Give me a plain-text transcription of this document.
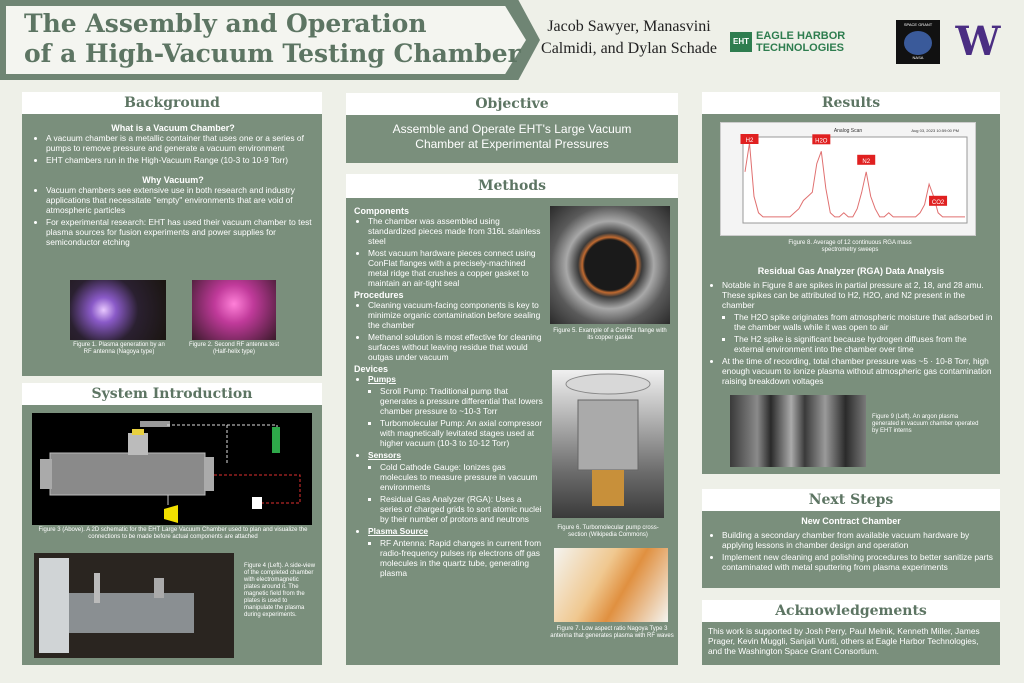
The Assembly and Operation
of a High-Vacuum Testing Chamber
Jacob Sawyer, Manasvini
Calmidi, and Dylan Schade	EHT EAGLE HARBOR
TECHNOLOGIES
SPACE GRANT
NASA W
Background
What is a Vacuum Chamber?
• A vacuum chamber is a metallic container that uses one or a series of pumps to remove pressure and generate a vacuum environment
• EHT chambers run in the High-Vacuum Range (10-3 to 10-9 Torr)
Why Vacuum?
• Vacuum chambers see extensive use in both research and industry applications that necessitate "empty" environments that are void of atmospheric particles
• For experimental research: EHT has used their vacuum chamber to test plasma sources for fusion experiments and power supplies for semiconductor etching
Figure 1. Plasma generation by an RF antenna (Nagoya type)
Figure 2. Second RF antenna test (Half-helix type)
System Introduction
Figure 3 (Above). A 2D schematic for the EHT Large Vacuum Chamber used to plan and visualize the connections to be made before actual components are attached
Figure 4 (Left). A side-view of the completed chamber with electromagnetic plates around it. The magnetic field from the plates is used to manipulate the plasma during experiments.
Objective
Assemble and Operate EHT's Large Vacuum Chamber at Experimental Pressures
Methods
Components
• The chamber was assembled using standardized pieces made from 316L stainless steel
• Most vacuum hardware pieces connect using ConFlat flanges with a precisely-machined metal ridge that crushes a copper gasket to maintain an air-tight seal
Procedures
• Cleaning vacuum-facing components is key to minimize organic contamination before sealing the chamber
• Methanol solution is most effective for cleaning surfaces without leaving residue that would outgas under vacuum
Devices
• Pumps
▪ Scroll Pump: Traditional pump that generates a pressure differential that lowers chamber pressure to ~10-3 Torr
▪ Turbomolecular Pump: An axial compressor with magnetically levitated stages used at higher vacuum (10-3 to 10-12 Torr)
• Sensors
▪ Cold Cathode Gauge: Ionizes gas molecules to measure pressure in vacuum environments
▪ Residual Gas Analyzer (RGA): Uses a series of charged grids to sort atomic nuclei by their number of protons and neutrons
• Plasma Source
▪ RF Antenna: Rapid changes in current from radio-frequency pulses rip electrons off gas molecules in the quartz tube, generating plasma
Figure 5. Example of a ConFlat flange with its copper gasket
Figure 6. Turbomolecular pump cross-section (Wikipedia Commons)
Figure 7. Low aspect ratio Nagoya Type 3 antenna that generates plasma with RF waves
Results
Analog Scan	Aug 03, 2023 10:59:00 PM
H2	H2O
N2
CO2
Figure 8. Average of 12 continuous RGA mass spectrometry sweeps
Residual Gas Analyzer (RGA) Data Analysis
• Notable in Figure 8 are spikes in partial pressure at 2, 18, and 28 amu. These spikes can be attributed to H2, H2O, and N2 present in the chamber
▪ The H2O spike originates from atmospheric moisture that adsorbed in the chamber walls while it was open to air
▪ The H2 spike is significant because hydrogen diffuses from the external environment into the chamber over time
• At the time of recording, total chamber pressure was ~5 · 10-8 Torr, high enough vacuum to ionize plasma without atmospheric gas contamination raising breakdown voltages
Figure 9 (Left). An argon plasma generated in vacuum chamber operated by EHT interns
Next Steps
New Contract Chamber
• Building a secondary chamber from available vacuum hardware by applying lessons in chamber design and operation
• Implement new cleaning and polishing procedures to better sanitize parts contaminated with metal sputtering from plasma experiments
Acknowledgements
This work is supported by Josh Perry, Paul Melnik, Kenneth Miller, James Prager, Kevin Muggli, Sanjali Vuriti, others at Eagle Harbor Technologies, and the Washington Space Grant Consortium.
